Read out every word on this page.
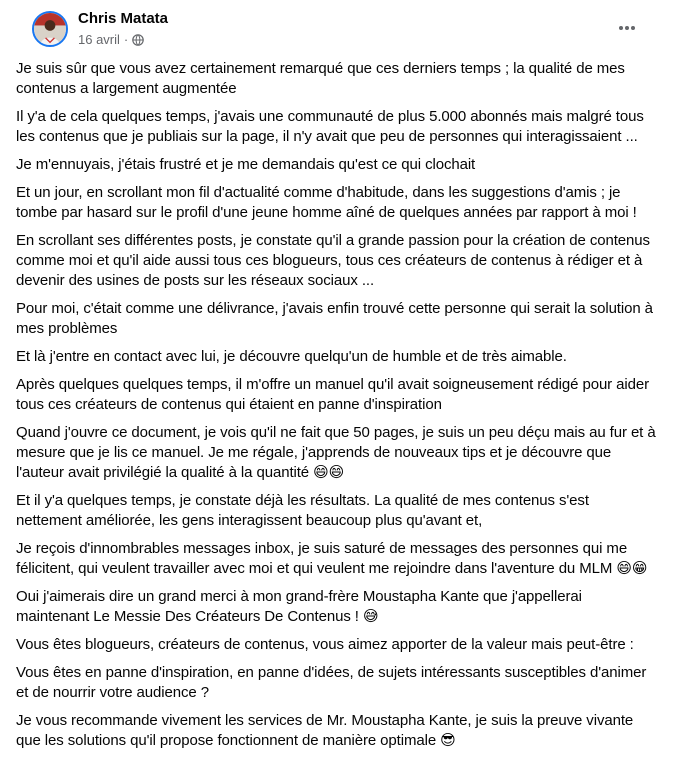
Chris Matata
16 avril ·

Je suis sûr que vous avez certainement remarqué que ces derniers temps ; la qualité de mes contenus a largement augmentée

Il y'a de cela quelques temps, j'avais une communauté de plus 5.000 abonnés mais malgré tous les contenus que je publiais sur la page, il n'y avait que peu de personnes qui interagissaient ...

Je m'ennuyais, j'étais frustré et je me demandais qu'est ce qui clochait

Et un jour, en scrollant mon fil d'actualité comme d'habitude, dans les suggestions d'amis ; je tombe par hasard sur le profil d'une jeune homme aîné de quelques années par rapport à moi !

En scrollant ses différentes posts, je constate qu'il a grande passion pour la création de contenus comme moi et qu'il aide aussi tous ces blogueurs, tous ces créateurs de contenus à rédiger et à devenir des usines de posts sur les réseaux sociaux ...

Pour moi, c'était comme une délivrance, j'avais enfin trouvé cette personne qui serait la solution à mes problèmes

Et là j'entre en contact avec lui, je découvre quelqu'un de humble et de très aimable.

Après quelques quelques temps, il m'offre un manuel qu'il avait soigneusement rédigé pour aider tous ces créateurs de contenus qui étaient en panne d'inspiration

Quand j'ouvre ce document, je vois qu'il ne fait que 50 pages, je suis un peu déçu mais au fur et à mesure que je lis ce manuel. Je me régale, j'apprends de nouveaux tips et je découvre que l'auteur avait privilégié la qualité à la quantité 😄😄

Et il y'a quelques temps, je constate déjà les résultats. La qualité de mes contenus s'est nettement améliorée, les gens interagissent beaucoup plus qu'avant et,

Je reçois d'innombrables messages inbox, je suis saturé de messages des personnes qui me félicitent, qui veulent travailler avec moi et qui veulent me rejoindre dans l'aventure du MLM 😄😁

Oui j'aimerais dire un grand merci à mon grand-frère Moustapha Kante que j'appellerai maintenant Le Messie Des Créateurs De Contenus ! 😅

Vous êtes blogueurs, créateurs de contenus, vous aimez apporter de la valeur mais peut-être :

Vous êtes en panne d'inspiration, en panne d'idées, de sujets intéressants susceptibles d'animer et de nourrir votre audience ?

Je vous recommande vivement les services de Mr. Moustapha Kante, je suis la preuve vivante que les solutions qu'il propose fonctionnent de manière optimale 😎
